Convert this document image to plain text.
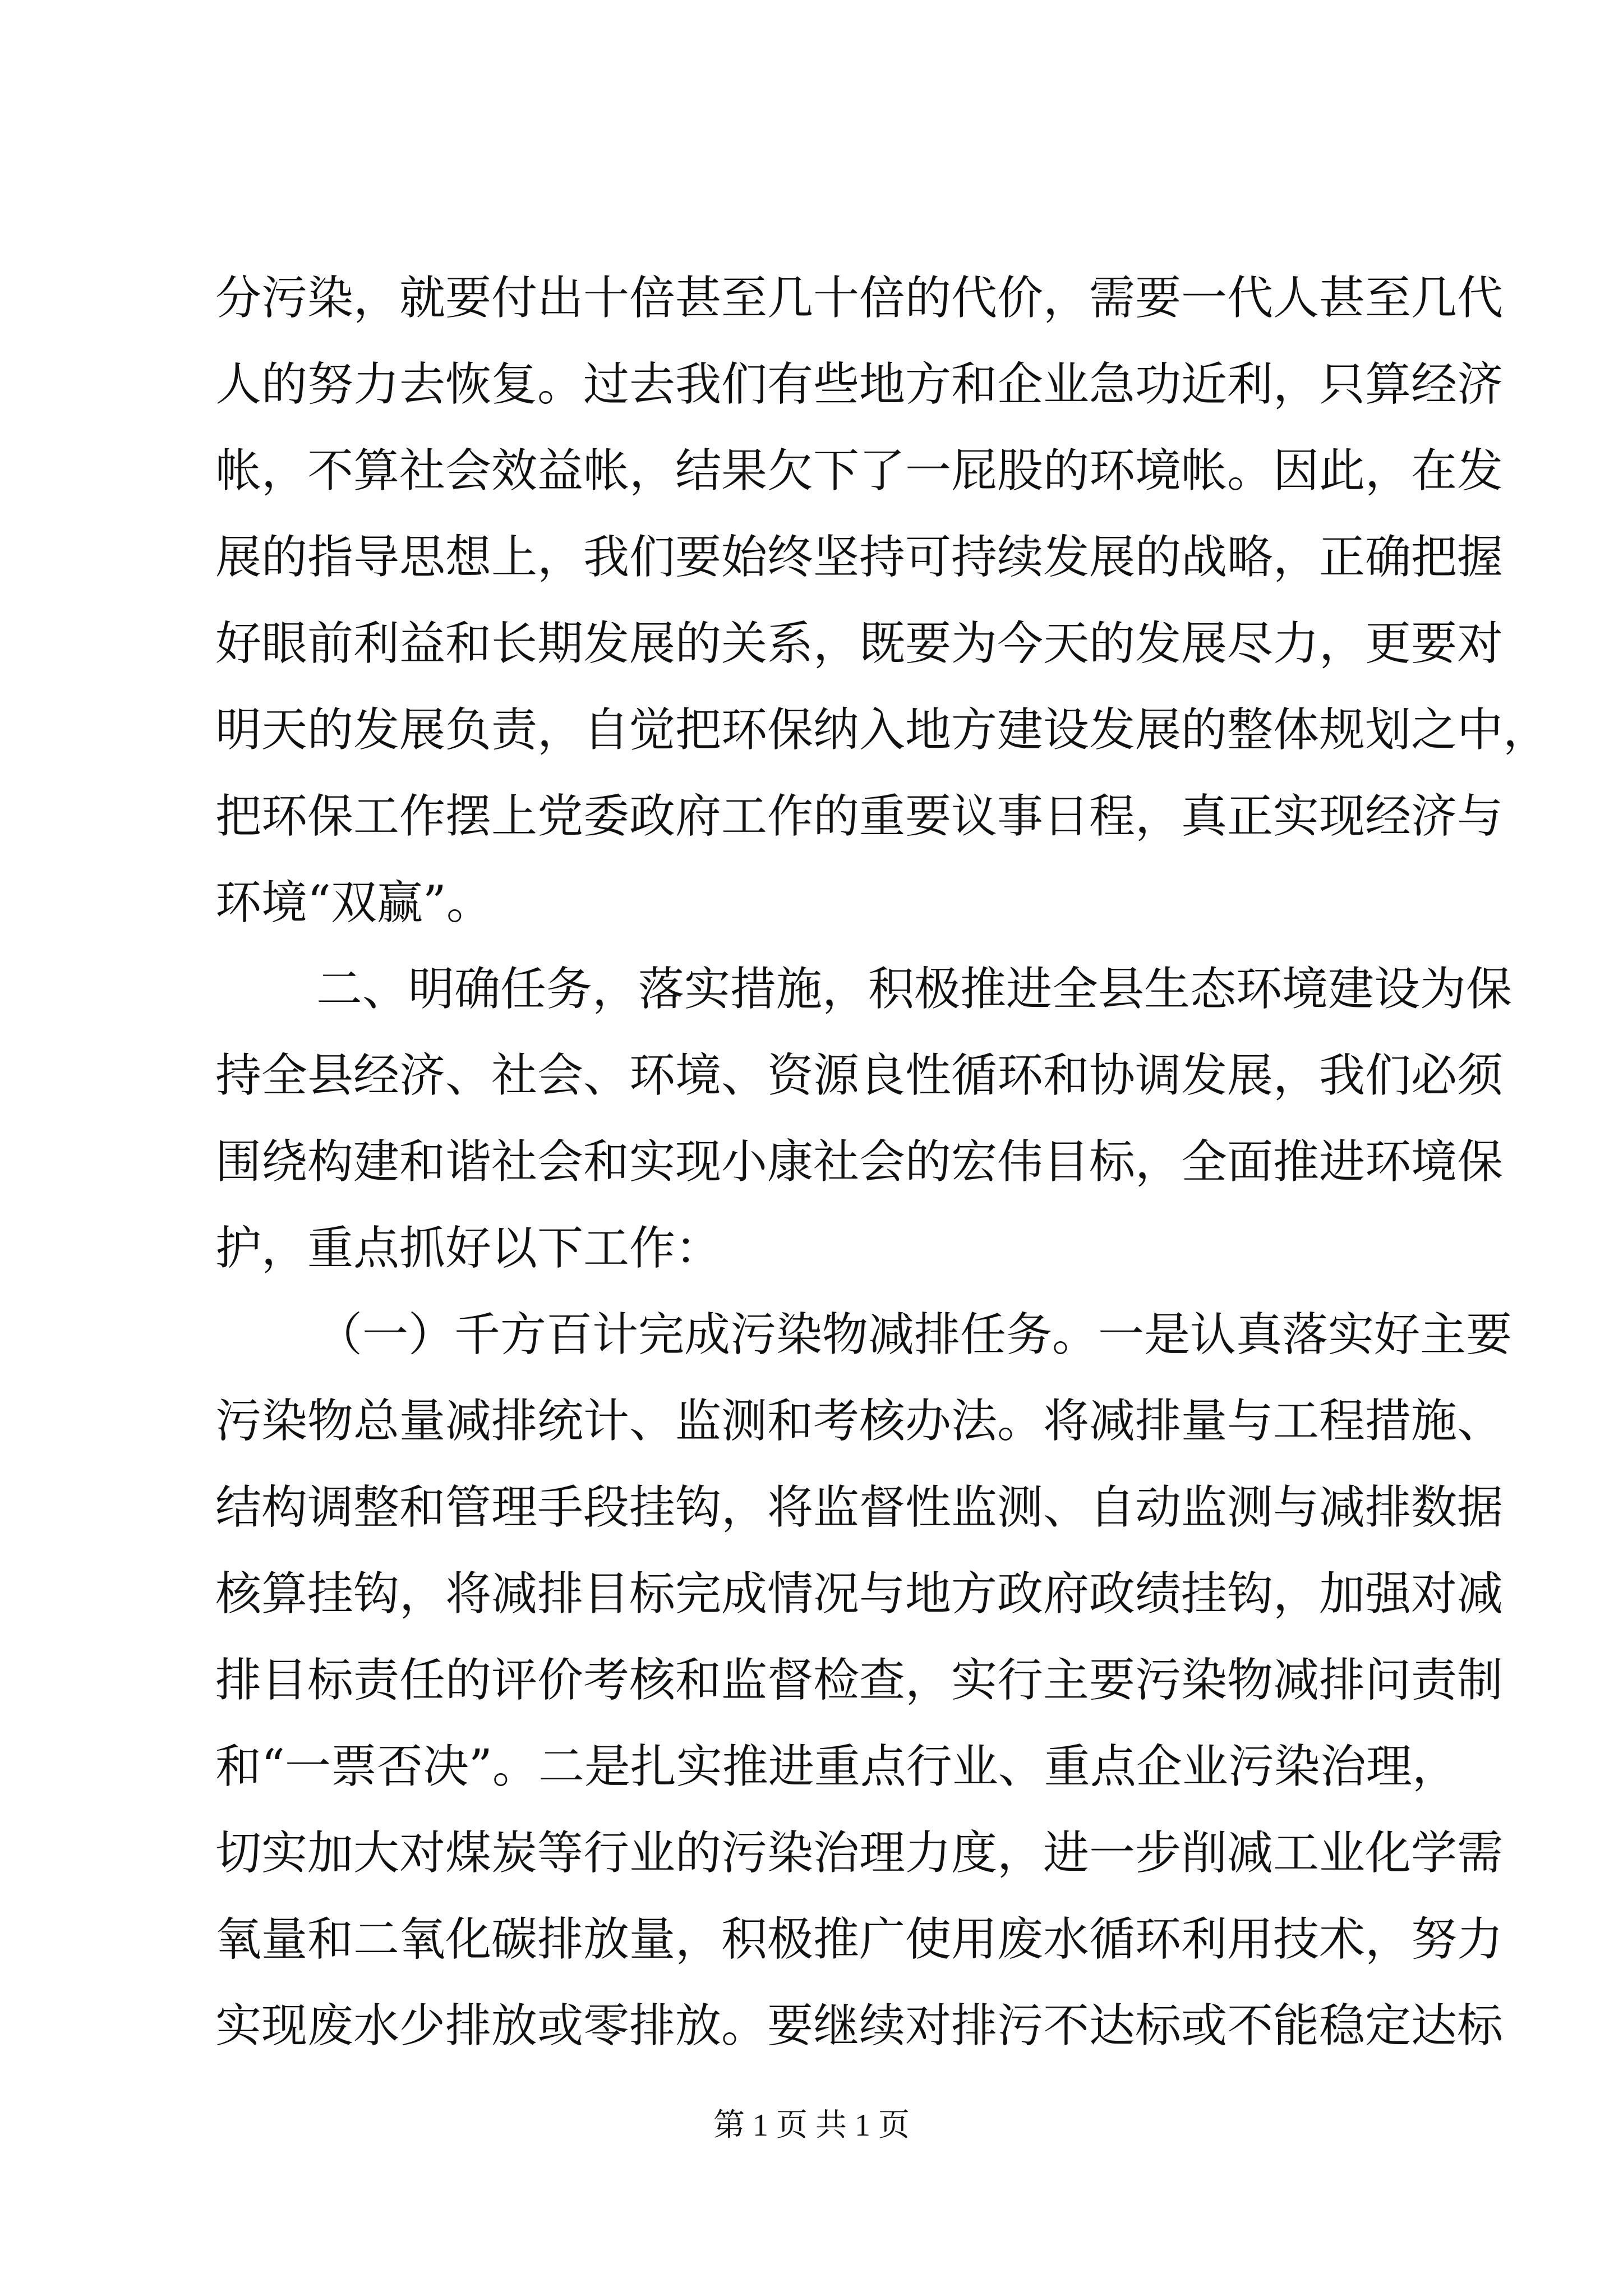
分污染，就要付出十倍甚至几十倍的代价，需要一代人甚至几代
人的努力去恢复。过去我们有些地方和企业急功近利，只算经济
帐，不算社会效益帐，结果欠下了一屁股的环境帐。因此，在发
展的指导思想上，我们要始终坚持可持续发展的战略，正确把握
好眼前利益和长期发展的关系，既要为今天的发展尽力，更要对
明天的发展负责，自觉把环保纳入地方建设发展的整体规划之中，
把环保工作摆上党委政府工作的重要议事日程，真正实现经济与
环境“双赢”。
二、明确任务，落实措施，积极推进全县生态环境建设为保
持全县经济、社会、环境、资源良性循环和协调发展，我们必须
围绕构建和谐社会和实现小康社会的宏伟目标，全面推进环境保
护，重点抓好以下工作：
（一）千方百计完成污染物减排任务。一是认真落实好主要
污染物总量减排统计、监测和考核办法。将减排量与工程措施、
结构调整和管理手段挂钩，将监督性监测、自动监测与减排数据
核算挂钩，将减排目标完成情况与地方政府政绩挂钩，加强对减
排目标责任的评价考核和监督检查，实行主要污染物减排问责制
和“一票否决”。二是扎实推进重点行业、重点企业污染治理，
切实加大对煤炭等行业的污染治理力度，进一步削减工业化学需
氧量和二氧化碳排放量，积极推广使用废水循环利用技术，努力
实现废水少排放或零排放。要继续对排污不达标或不能稳定达标
第 1 页 共 1 页
